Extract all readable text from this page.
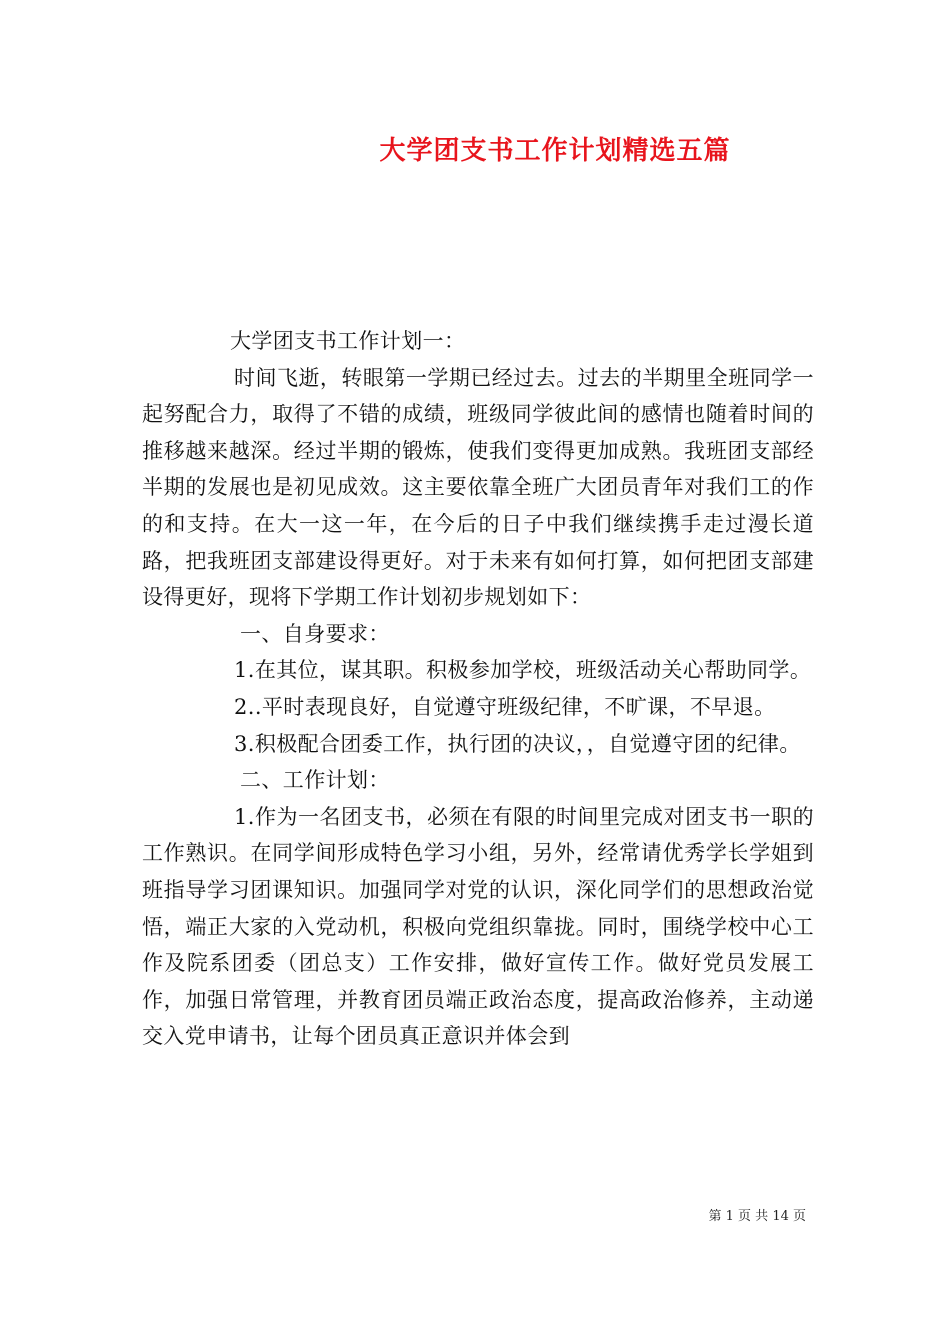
大学团支书工作计划精选五篇

大学团支书工作计划一：

时间飞逝，转眼第一学期已经过去。过去的半期里全班同学一起努配合力，取得了不错的成绩，班级同学彼此间的感情也随着时间的推移越来越深。经过半期的锻炼，使我们变得更加成熟。我班团支部经半期的发展也是初见成效。这主要依靠全班广大团员青年对我们工的作的和支持。在大一这一年，在今后的日子中我们继续携手走过漫长道路，把我班团支部建设得更好。对于未来有如何打算，如何把团支部建设得更好，现将下学期工作计划初步规划如下：

一、自身要求：

1.在其位，谋其职。积极参加学校，班级活动关心帮助同学。

2..平时表现良好，自觉遵守班级纪律，不旷课，不早退。

3.积极配合团委工作，执行团的决议，，自觉遵守团的纪律。

二、工作计划：

1.作为一名团支书，必须在有限的时间里完成对团支书一职的工作熟识。在同学间形成特色学习小组，另外，经常请优秀学长学姐到班指导学习团课知识。加强同学对党的认识，深化同学们的思想政治觉悟，端正大家的入党动机，积极向党组织靠拢。同时，围绕学校中心工作及院系团委（团总支）工作安排，做好宣传工作。做好党员发展工作，加强日常管理，并教育团员端正政治态度，提高政治修养，主动递交入党申请书，让每个团员真正意识并体会到

第 1 页 共 14 页
